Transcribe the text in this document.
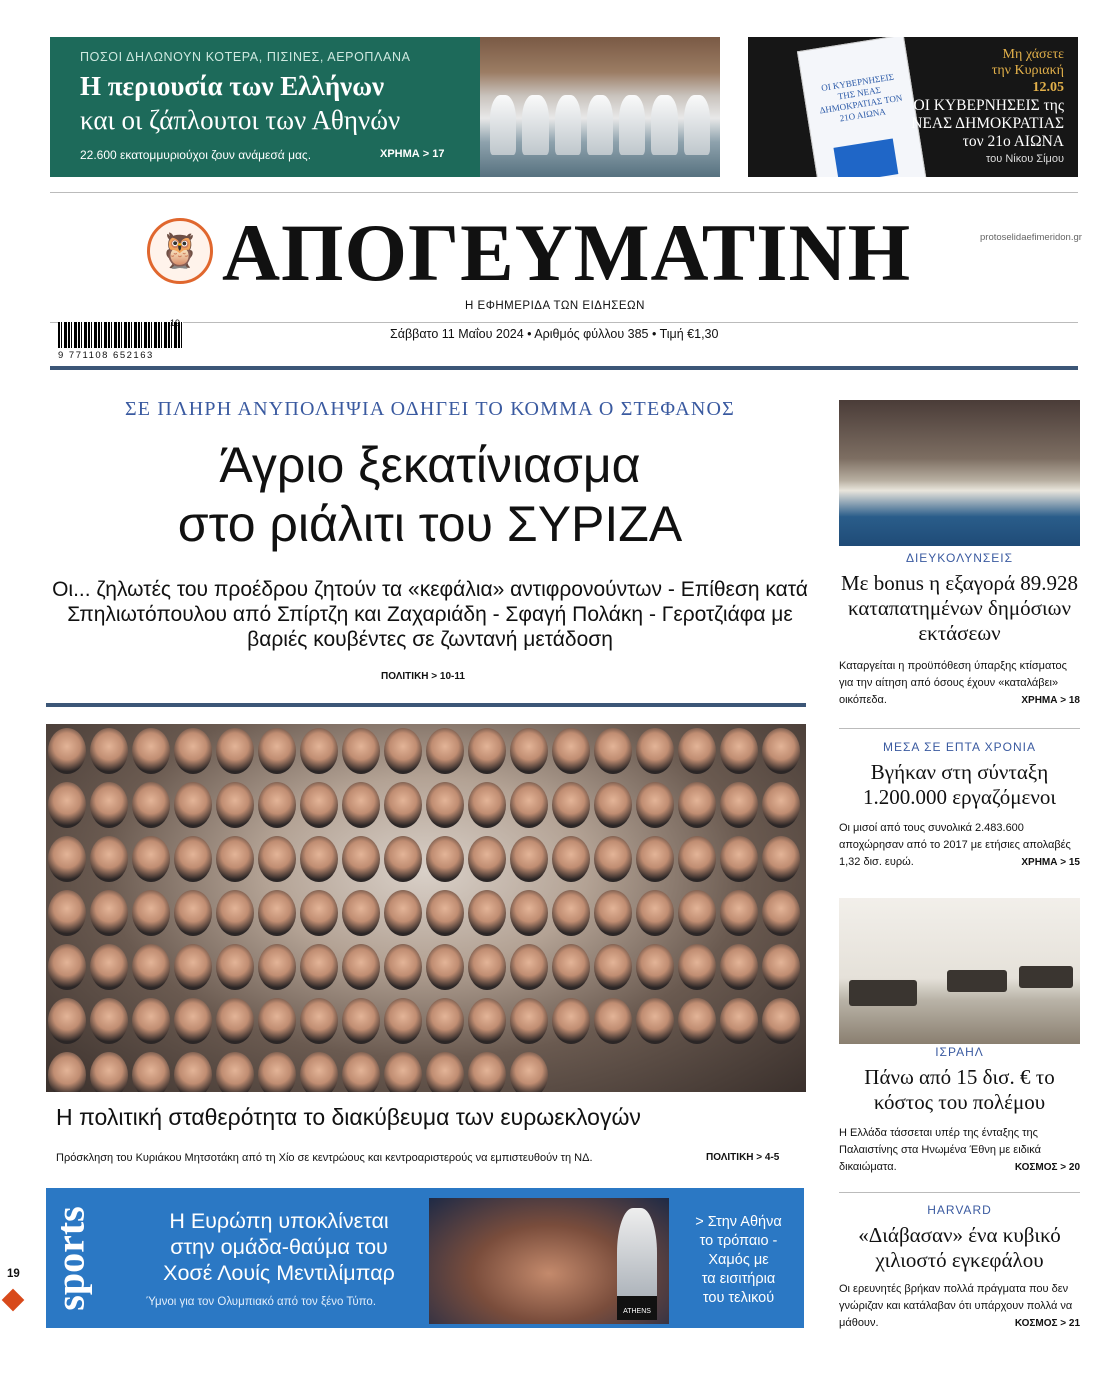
ΠΟΣΟΙ ΔΗΛΩΝΟΥΝ ΚΟΤΕΡΑ, ΠΙΣΙΝΕΣ, ΑΕΡΟΠΛΑΝΑ
Η περιουσία των Ελλήνων
και οι ζάπλουτοι των Αθηνών
22.600 εκατομμυριούχοι ζουν ανάμεσά μας.	ΧΡΗΜΑ > 17
ΟΙ ΚΥΒΕΡΝΗΣΕΙΣ ΤΗΣ ΝΕΑΣ ΔΗΜΟΚΡΑΤΙΑΣ ΤΟΝ 21Ο ΑΙΩΝΑ
Μη χάσετε
την Κυριακή
12.05
ΟΙ ΚΥΒΕΡΝΗΣΕΙΣ της
ΝΕΑΣ ΔΗΜΟΚΡΑΤΙΑΣ
τον 21ο ΑΙΩΝΑ
του Νίκου Σίμου
🦉 ΑΠΟΓΕΥΜΑΤΙΝΗ	protoselidaefimeridon.gr
Η ΕΦΗΜΕΡΙΔΑ ΤΩΝ ΕΙΔΗΣΕΩΝ
19
9 771108 652163
Σάββατο 11 Μαΐου 2024 • Αριθμός φύλλου 385 • Τιμή €1,30
ΣΕ ΠΛΗΡΗ ΑΝΥΠΟΛΗΨΙΑ ΟΔΗΓΕΙ ΤΟ ΚΟΜΜΑ Ο ΣΤΕΦΑΝΟΣ
Άγριο ξεκατίνιασμα
στο ριάλιτι του ΣΥΡΙΖΑ
Οι... ζηλωτές του προέδρου ζητούν τα «κεφάλια» αντιφρονούντων - Επίθεση κατά Σπηλιωτόπουλου από Σπίρτζη και Ζαχαριάδη - Σφαγή Πολάκη - Γεροτζιάφα με βαριές κουβέντες σε ζωντανή μετάδοση
ΠΟΛΙΤΙΚΗ > 10-11
Η πολιτική σταθερότητα το διακύβευμα των ευρωεκλογών
Πρόσκληση του Κυριάκου Μητσοτάκη από τη Χίο σε κεντρώους και κεντροαριστερούς να εμπιστευθούν τη ΝΔ.	ΠΟΛΙΤΙΚΗ > 4-5
sports	Η Ευρώπη υποκλίνεται
στην ομάδα-θαύμα του
Χοσέ Λουίς Μεντιλίμπαρ
Ύμνοι για τον Ολυμπιακό από τον ξένο Τύπο.
ATHENS
> Στην Αθήνα
το τρόπαιο -
Χαμός με
τα εισιτήρια
του τελικού
ΔΙΕΥΚΟΛΥΝΣΕΙΣ
Με bonus η εξαγορά 89.928 καταπατημένων δημόσιων εκτάσεων
Καταργείται η προϋπόθεση ύπαρξης κτίσματος για την αίτηση από όσους έχουν «καταλάβει» οικόπεδα.	ΧΡΗΜΑ > 18
ΜΕΣΑ ΣΕ ΕΠΤΑ ΧΡΟΝΙΑ
Βγήκαν στη σύνταξη 1.200.000 εργαζόμενοι
Οι μισοί από τους συνολικά 2.483.600 αποχώρησαν από το 2017 με ετήσιες απολαβές 1,32 δισ. ευρώ.	ΧΡΗΜΑ > 15
ΙΣΡΑΗΛ
Πάνω από 15 δισ. € το κόστος του πολέμου
Η Ελλάδα τάσσεται υπέρ της ένταξης της Παλαιστίνης στα Ηνωμένα Έθνη με ειδικά δικαιώματα.	ΚΟΣΜΟΣ > 20
HARVARD
«Διάβασαν» ένα κυβικό χιλιοστό εγκεφάλου
Οι ερευνητές βρήκαν πολλά πράγματα που δεν γνώριζαν και κατάλαβαν ότι υπάρχουν πολλά να μάθουν.	ΚΟΣΜΟΣ > 21
19
